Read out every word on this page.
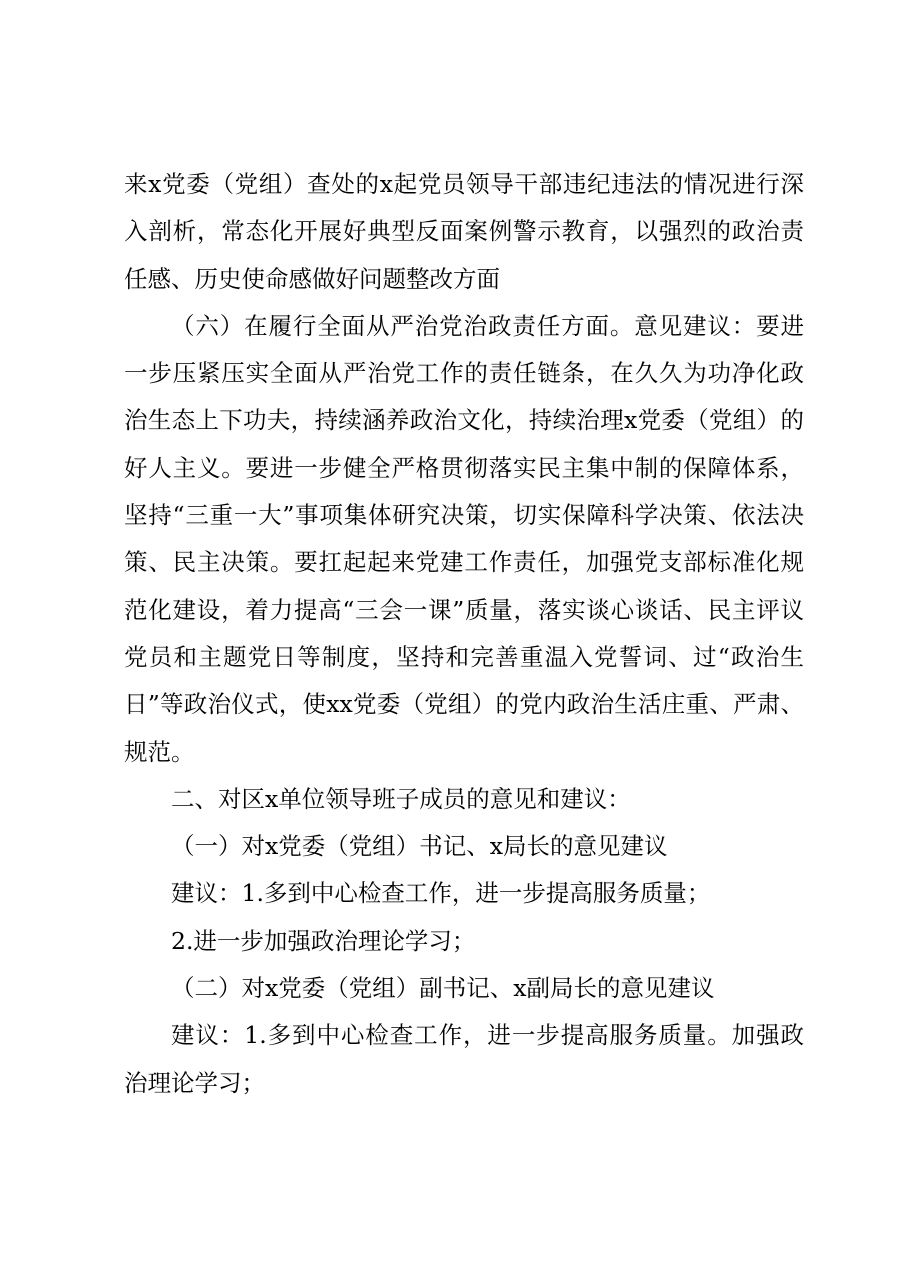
来x党委（党组）查处的x起党员领导干部违纪违法的情况进行深入剖析，常态化开展好典型反面案例警示教育，以强烈的政治责任感、历史使命感做好问题整改方面

（六）在履行全面从严治党治政责任方面。意见建议：要进一步压紧压实全面从严治党工作的责任链条，在久久为功净化政治生态上下功夫，持续涵养政治文化，持续治理x党委（党组）的好人主义。要进一步健全严格贯彻落实民主集中制的保障体系，坚持“三重一大”事项集体研究决策，切实保障科学决策、依法决策、民主决策。要扛起起来党建工作责任，加强党支部标准化规范化建设，着力提高“三会一课”质量，落实谈心谈话、民主评议党员和主题党日等制度，坚持和完善重温入党誓词、过“政治生日”等政治仪式，使xx党委（党组）的党内政治生活庄重、严肃、规范。

二、对区x单位领导班子成员的意见和建议：

（一）对x党委（党组）书记、x局长的意见建议

建议：1.多到中心检查工作，进一步提高服务质量；

2.进一步加强政治理论学习；

（二）对x党委（党组）副书记、x副局长的意见建议

建议：1.多到中心检查工作，进一步提高服务质量。加强政治理论学习；
